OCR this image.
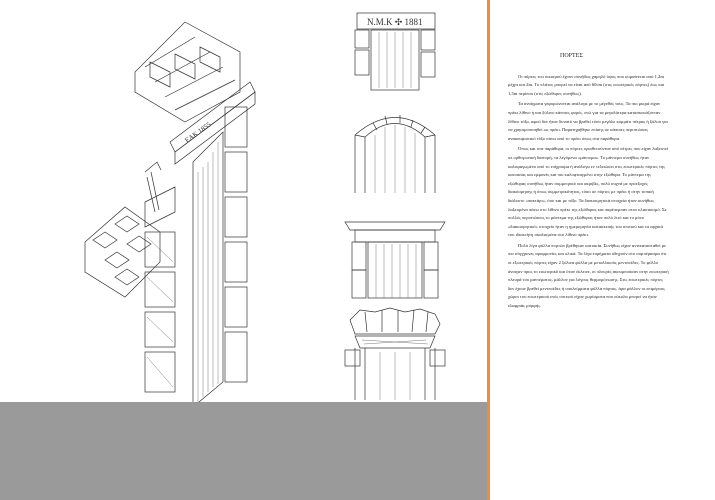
ΕΑΚ 1855
Ν.Μ.Κ ✣ 1881
ΠΟΡΤΕΣ

Οι πόρτες του οικισμού έχουν συνήθως χαμηλό ύψος που κυμαίνεται από 1,2m μέχρι και 2m. Το πλάτος μπορεί να είναι από 60cm (στις εσωτερικές πόρτες) έως και 1,5m περίπου (στις εξώθυρες συνήθως).

Τα ανοίγματα γεφυρώνονται ανάλογα με το μέγεθός τους. Τα πιο μικρά είχαν πρέκι λίθινο ή και ξύλινο κάποιες φορές, ενώ για τα μεγαλύτερα κατασκευάζονταν λίθινο τόξο, αφού δεν ήταν δυνατό να βρεθεί τόσο μεγάλο κομμάτι πέτρας ή ξύλου για να χρησιμοποιηθεί ως πρέκι. Παρατηρήθηκε επίσης σε κάποιες περιπτώσεις ανακουφιστικό τόξο πάνω από το πρέκι όπως στα παράθυρα.

Όπως και στα παράθυρα, οι πόρτες οριοθετούνταν από πέτρες που είχαν λαξευτεί σε ορθογωνική διατομή, τα λεγόμενα «μάντεμα». Το μάντεμα συνήθως ήταν καλοφαγωμένο από το επίχρισμα ή ανάλογα εν τελειώσει στις εσωτερικές πόρτες της κατοικίας και εμφανές και πιο καλοφτιαγμένο στην εξώθυρα. Το μάντεμα της εξώθυρας συνήθως ήταν συμμετρικό και ακριβές, πολύ συχνά με προεξοχές διακόσμησης ή όπως συμμετρικότητας, τόσο σε πόρτες με πρέκι ή στην τοπική διάλεκτο «πακτάρι», όσο και με τόξο. Τα διακοσμητικά στοιχεία ήταν συνήθως λαξευμένα πάνω στο λίθινο πρέκι της εξώθυρας και παρέπεμπαν στον κλασικισμό. Σε πολλές περιπτώσεις το μάντεμα της εξώθυρας ήταν πολύ λιτό και το μόνο «διακοσμητικό» στοιχείο ήταν η ημερομηνία κατασκευής του σπιτιού και τα αρχικά του ιδιοκτήτη σκαλισμένα στο λίθινο πρέκι.

Πολύ λίγα φύλλα πορτών βρέθηκαν κατοικία. Συνήθως είχαν αντικατασταθεί με πιο σύγχρονες αραμμονίες και ολικά. Τα λίγα ευρήματα οδηγούν στο συμπέρασμα ότι οι εξωτερικές πόρτες είχαν 2 ξύλινα φύλλα με μεταλλικούς μεντεσέδες. Το φύλλο άνοιγαν προς το εσωτερικό και όταν έκλεινε, οι πλευρές ακουμπούσαν στην εσωτερική πλευρά του μαντέματος, μάλλον για λόγους θερμομόνωσης. Στις εσωτερικές πόρτες δεν έχουν βρεθεί μεντεσέδες ή υπολείμματα φύλλα πόρτας, άρα μάλλον οι επιμέρους χώροι του εσωτερικού ενός σπιτιού είχαν χωρίσματα που εύκολα μπορεί να ήταν ελαφριάς μορφής.
